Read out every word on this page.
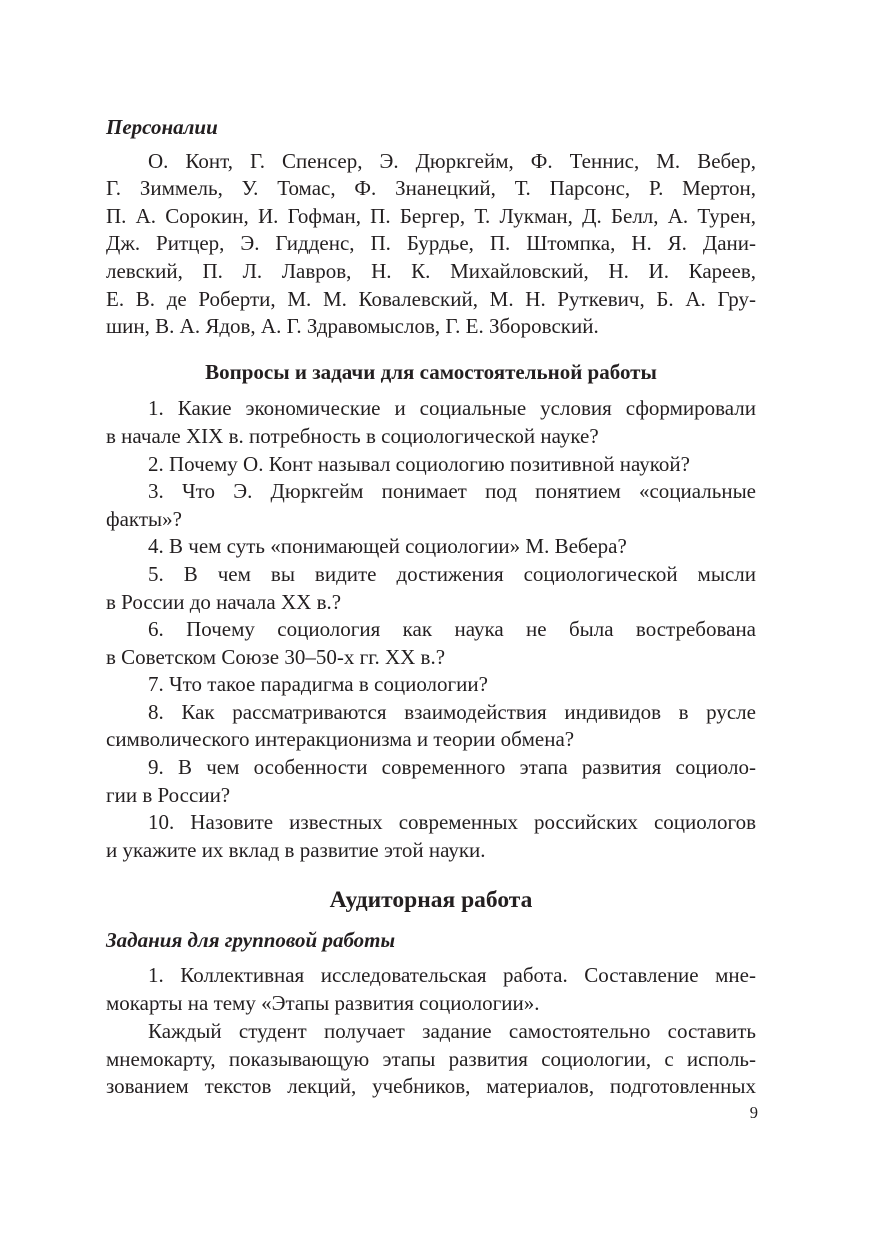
Персоналии

О. Конт, Г. Спенсер, Э. Дюркгейм, Ф. Теннис, М. Вебер,
Г. Зиммель, У. Томас, Ф. Знанецкий, Т. Парсонс, Р. Мертон,
П. А. Сорокин, И. Гофман, П. Бергер, Т. Лукман, Д. Белл, А. Турен,
Дж. Ритцер, Э. Гидденс, П. Бурдье, П. Штомпка, Н. Я. Дани-
левский, П. Л. Лавров, Н. К. Михайловский, Н. И. Кареев,
Е. В. де Роберти, М. М. Ковалевский, М. Н. Руткевич, Б. А. Гру-
шин, В. А. Ядов, А. Г. Здравомыслов, Г. Е. Зборовский.

Вопросы и задачи для самостоятельной работы

1. Какие экономические и социальные условия сформировали
в начале XIX в. потребность в социологической науке?
2. Почему О. Конт называл социологию позитивной наукой?
3. Что Э. Дюркгейм понимает под понятием «социальные
факты»?
4. В чем суть «понимающей социологии» М. Вебера?
5. В чем вы видите достижения социологической мысли
в России до начала XX в.?
6. Почему социология как наука не была востребована
в Советском Союзе 30–50-х гг. XX в.?
7. Что такое парадигма в социологии?
8. Как рассматриваются взаимодействия индивидов в русле
символического интеракционизма и теории обмена?
9. В чем особенности современного этапа развития социоло-
гии в России?
10. Назовите известных современных российских социологов
и укажите их вклад в развитие этой науки.

Аудиторная работа

Задания для групповой работы

1. Коллективная исследовательская работа. Составление мне-
мокарты на тему «Этапы развития социологии».
Каждый студент получает задание самостоятельно составить
мнемокарту, показывающую этапы развития социологии, с исполь-
зованием текстов лекций, учебников, материалов, подготовленных
9
